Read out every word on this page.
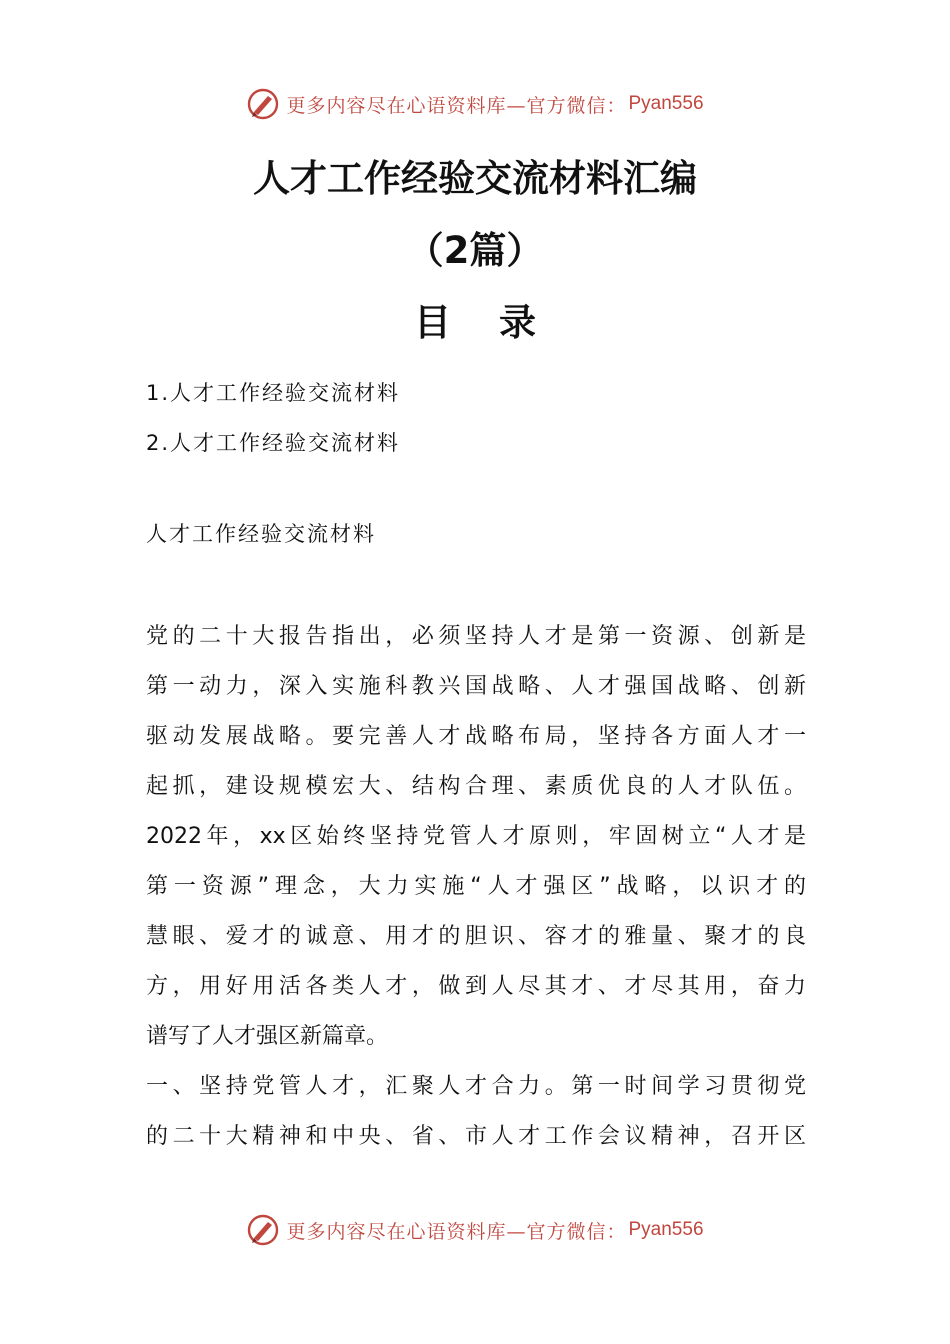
更多内容尽在心语资料库—官方微信： Pyan556
人才工作经验交流材料汇编
（2篇）
目录
1.人才工作经验交流材料
2.人才工作经验交流材料
人才工作经验交流材料
党的二十大报告指出，必须坚持人才是第一资源、创新是
第一动力，深入实施科教兴国战略、人才强国战略、创新
驱动发展战略。要完善人才战略布局，坚持各方面人才一
起抓，建设规模宏大、结构合理、素质优良的人才队伍。
2022年，xx区始终坚持党管人才原则，牢固树立“人才是
第一资源”理念，大力实施“人才强区”战略，以识才的
慧眼、爱才的诚意、用才的胆识、容才的雅量、聚才的良
方，用好用活各类人才，做到人尽其才、才尽其用，奋力
谱写了人才强区新篇章。
一、坚持党管人才，汇聚人才合力。第一时间学习贯彻党
的二十大精神和中央、省、市人才工作会议精神，召开区
更多内容尽在心语资料库—官方微信： Pyan556
